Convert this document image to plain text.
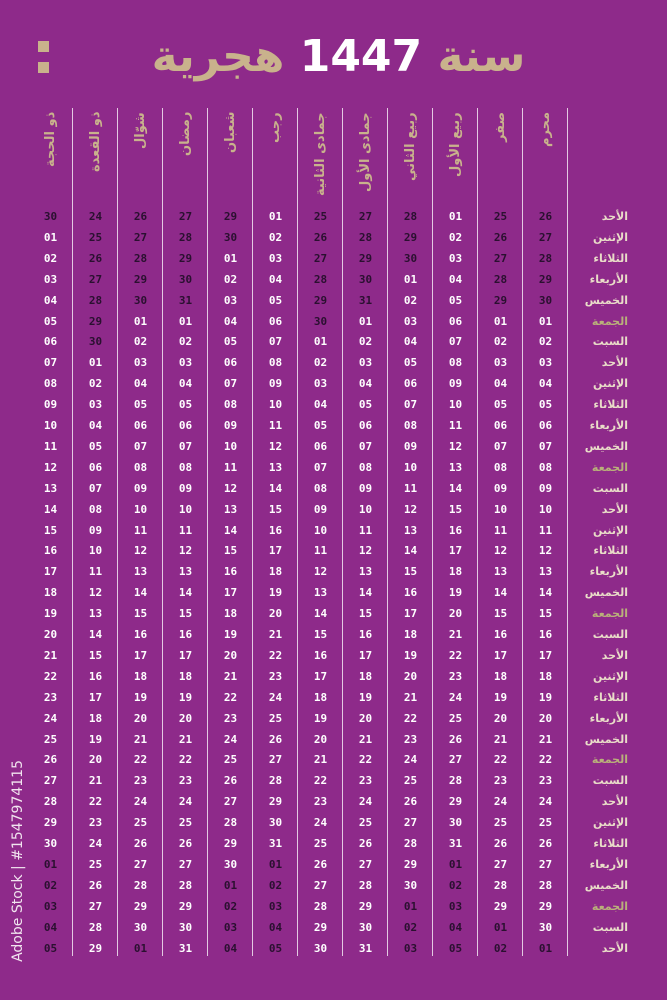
سنة 1447 هجرية
محرم
26
27
28
29
30
01
02
03
04
05
06
07
08
09
10
11
12
13
14
15
16
17
18
19
20
21
22
23
24
25
26
27
28
29
30
01
صفر
25
26
27
28
29
01
02
03
04
05
06
07
08
09
10
11
12
13
14
15
16
17
18
19
20
21
22
23
24
25
26
27
28
29
01
02
ربيع الأول
01
02
03
04
05
06
07
08
09
10
11
12
13
14
15
16
17
18
19
20
21
22
23
24
25
26
27
28
29
30
31
01
02
03
04
05
ربيع الثاني
28
29
30
01
02
03
04
05
06
07
08
09
10
11
12
13
14
15
16
17
18
19
20
21
22
23
24
25
26
27
28
29
30
01
02
03
جمادى الأول
27
28
29
30
31
01
02
03
04
05
06
07
08
09
10
11
12
13
14
15
16
17
18
19
20
21
22
23
24
25
26
27
28
29
30
31
جمادى الثانية
25
26
27
28
29
30
01
02
03
04
05
06
07
08
09
10
11
12
13
14
15
16
17
18
19
20
21
22
23
24
25
26
27
28
29
30
رجب
01
02
03
04
05
06
07
08
09
10
11
12
13
14
15
16
17
18
19
20
21
22
23
24
25
26
27
28
29
30
31
01
02
03
04
05
شعبان
29
30
01
02
03
04
05
06
07
08
09
10
11
12
13
14
15
16
17
18
19
20
21
22
23
24
25
26
27
28
29
30
01
02
03
04
رمضان
27
28
29
30
31
01
02
03
04
05
06
07
08
09
10
11
12
13
14
15
16
17
18
19
20
21
22
23
24
25
26
27
28
29
30
31
شوّال
26
27
28
29
30
01
02
03
04
05
06
07
08
09
10
11
12
13
14
15
16
17
18
19
20
21
22
23
24
25
26
27
28
29
30
01
ذو القعدة
24
25
26
27
28
29
30
01
02
03
04
05
06
07
08
09
10
11
12
13
14
15
16
17
18
19
20
21
22
23
24
25
26
27
28
29
ذو الحجة
30
01
02
03
04
05
06
07
08
09
10
11
12
13
14
15
16
17
18
19
20
21
22
23
24
25
26
27
28
29
30
01
02
03
04
05
الأحد
الإثنين
الثلاثاء
الأربعاء
الخميس
الجمعة
السبت
الأحد
الإثنين
الثلاثاء
الأربعاء
الخميس
الجمعة
السبت
الأحد
الإثنين
الثلاثاء
الأربعاء
الخميس
الجمعة
السبت
الأحد
الإثنين
الثلاثاء
الأربعاء
الخميس
الجمعة
السبت
الأحد
الإثنين
الثلاثاء
الأربعاء
الخميس
الجمعة
السبت
الأحد
Adobe Stock | #1547974115
